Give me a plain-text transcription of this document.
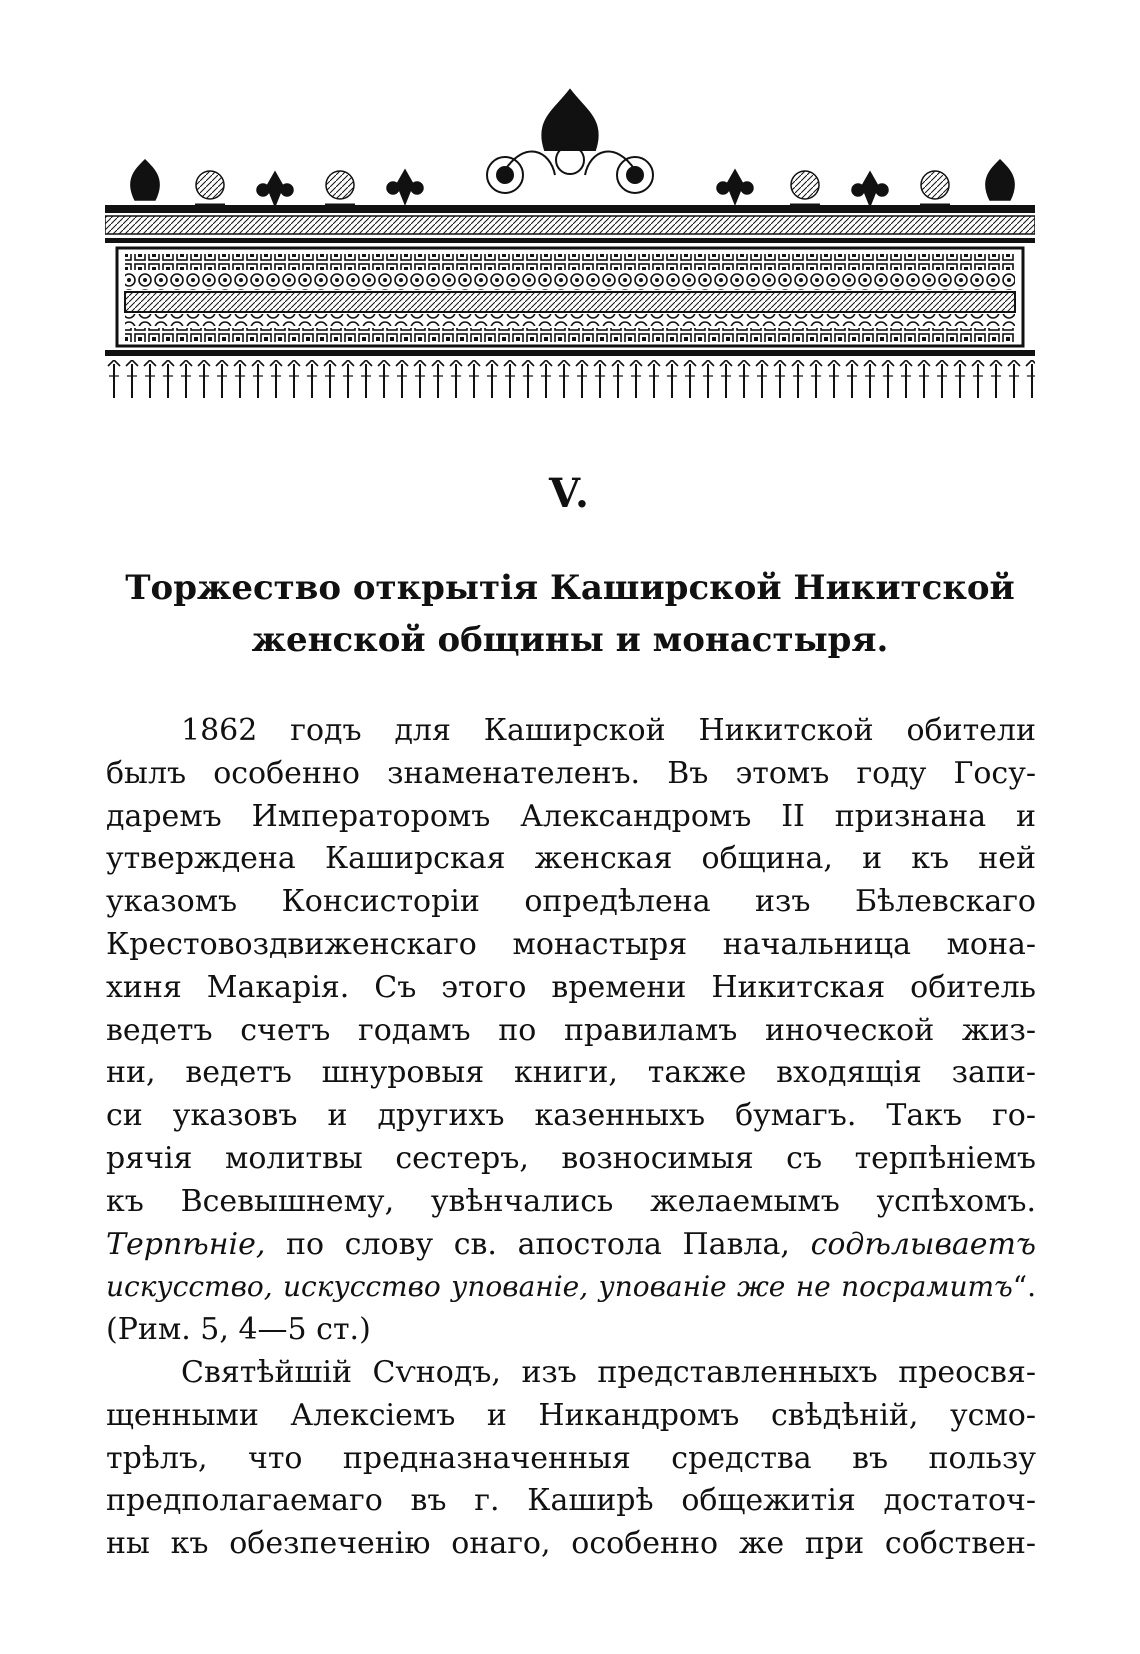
V.
Торжество открытія Каширской Никитской
женской общины и монастыря.
1862 годъ для Каширской Никитской обители
былъ особенно знаменателенъ. Въ этомъ году Госу-
даремъ Императоромъ Александромъ II признана и
утверждена Каширская женская община, и къ ней
указомъ Консисторіи опредѣлена изъ Бѣлевскаго
Крестовоздвиженскаго монастыря начальница мона-
хиня Макарія. Съ этого времени Никитская обитель
ведетъ счетъ годамъ по правиламъ иноческой жиз-
ни, ведетъ шнуровыя книги, также входящія запи-
си указовъ и другихъ казенныхъ бумагъ. Такъ го-
рячія молитвы сестеръ, возносимыя съ терпѣніемъ
къ Всевышнему, увѣнчались желаемымъ успѣхомъ.
Терпѣніе, по слову св. апостола Павла, содѣлываетъ
искусство, искусство упованіе, упованіе же не посрамитъ“.
(Рим. 5, 4—5 ст.)
Святѣйшій Сѵнодъ, изъ представленныхъ преосвя-
щенными Алексіемъ и Никандромъ свѣдѣній, усмо-
трѣлъ, что предназначенныя средства въ пользу
предполагаемаго въ г. Каширѣ общежитія достаточ-
ны къ обезпеченію онаго, особенно же при собствен-
